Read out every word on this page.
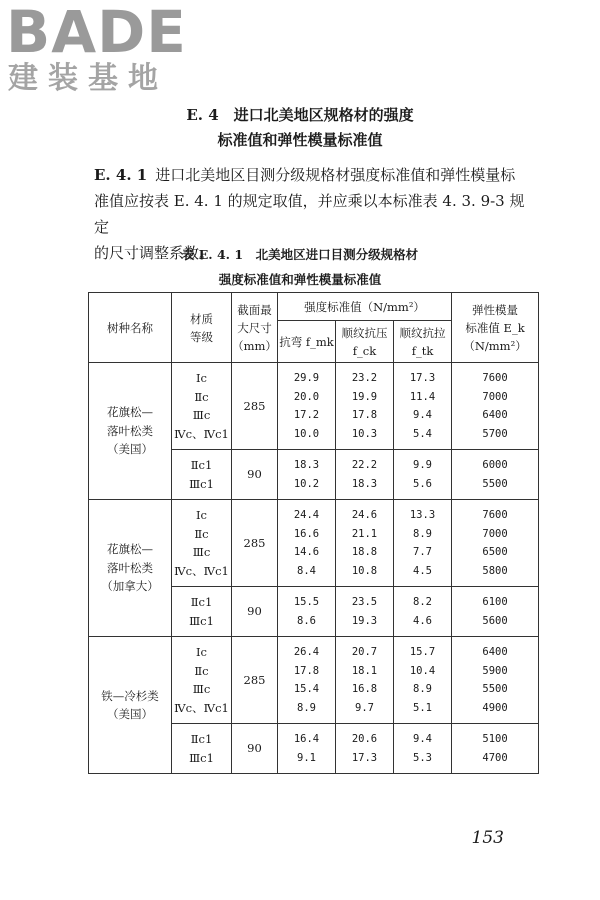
BADE
建装基地
E. 4　进口北美地区规格材的强度
标准值和弹性模量标准值
E. 4. 1 进口北美地区目测分级规格材强度标准值和弹性模量标
准值应按表 E. 4. 1 的规定取值，并应乘以本标准表 4. 3. 9-3 规定
的尺寸调整系数。
表 E. 4. 1　北美地区进口目测分级规格材
强度标准值和弹性模量标准值
树种名称	材质
等级	截面最
大尺寸
（mm）	强度标准值（N/mm²）			弹性模量
标准值 E_k
（N/mm²）
			抗弯 f_mk	顺纹抗压
f_ck	顺纹抗拉
f_tk	
花旗松—
落叶松类
（美国）	Ⅰc
Ⅱc
Ⅲc
Ⅳc、Ⅳc1	285	29.9
20.0
17.2
10.0	23.2
19.9
17.8
10.3	17.3
11.4
9.4
5.4	7600
7000
6400
5700
	Ⅱc1
Ⅲc1	90	18.3
10.2	22.2
18.3	9.9
5.6	6000
5500
花旗松—
落叶松类
（加拿大）	Ⅰc
Ⅱc
Ⅲc
Ⅳc、Ⅳc1	285	24.4
16.6
14.6
8.4	24.6
21.1
18.8
10.8	13.3
8.9
7.7
4.5	7600
7000
6500
5800
	Ⅱc1
Ⅲc1	90	15.5
8.6	23.5
19.3	8.2
4.6	6100
5600
铁—冷杉类
（美国）	Ⅰc
Ⅱc
Ⅲc
Ⅳc、Ⅳc1	285	26.4
17.8
15.4
8.9	20.7
18.1
16.8
9.7	15.7
10.4
8.9
5.1	6400
5900
5500
4900
	Ⅱc1
Ⅲc1	90	16.4
9.1	20.6
17.3	9.4
5.3	5100
4700
153
